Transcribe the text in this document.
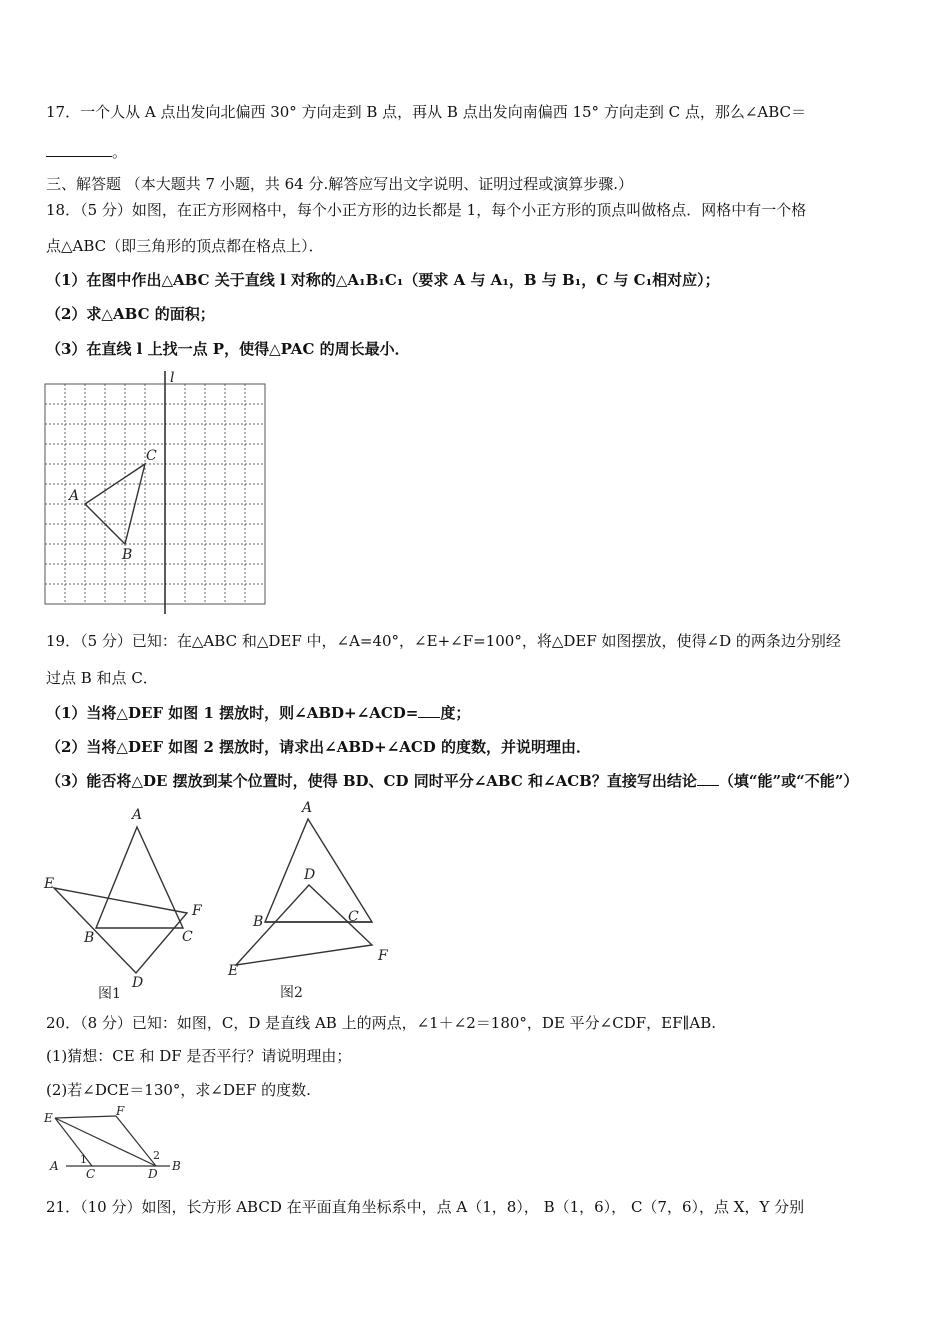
17．一个人从 A 点出发向北偏西 30° 方向走到 B 点，再从 B 点出发向南偏西 15° 方向走到 C 点，那么∠ABC＝
。
三、解答题 （本大题共 7 小题，共 64 分.解答应写出文字说明、证明过程或演算步骤.）
18．（5 分）如图，在正方形网格中，每个小正方形的边长都是 1，每个小正方形的顶点叫做格点．网格中有一个格
点△ABC（即三角形的顶点都在格点上）．
（1）在图中作出△ABC 关于直线 l 对称的△A₁B₁C₁（要求 A 与 A₁，B 与 B₁，C 与 C₁相对应）；
（2）求△ABC 的面积；
（3）在直线 l 上找一点 P，使得△PAC 的周长最小．
l
A
B
C
19．（5 分）已知：在△ABC 和△DEF 中，∠A=40°，∠E+∠F=100°，将△DEF 如图摆放，使得∠D 的两条边分别经
过点 B 和点 C．
（1）当将△DEF 如图 1 摆放时，则∠ABD+∠ACD= 度；
（2）当将△DEF 如图 2 摆放时，请求出∠ABD+∠ACD 的度数，并说明理由．
（3）能否将△DE 摆放到某个位置时，使得 BD、CD 同时平分∠ABC 和∠ACB？直接写出结论 （填“能”或“不能”）
A
B	C
D
E
F
图1
A
B	C
D
E
F
图2
20．（8 分）已知：如图，C，D 是直线 AB 上的两点，∠1＋∠2＝180°，DE 平分∠CDF，EF∥AB.
(1)猜想：CE 和 DF 是否平行？请说明理由；
(2)若∠DCE＝130°，求∠DEF 的度数.
E	F
A
C	D
B
1	2
21．（10 分）如图，长方形 ABCD 在平面直角坐标系中，点 A（1，8）， B（1，6）， C（7，6），点 X，Y 分别
